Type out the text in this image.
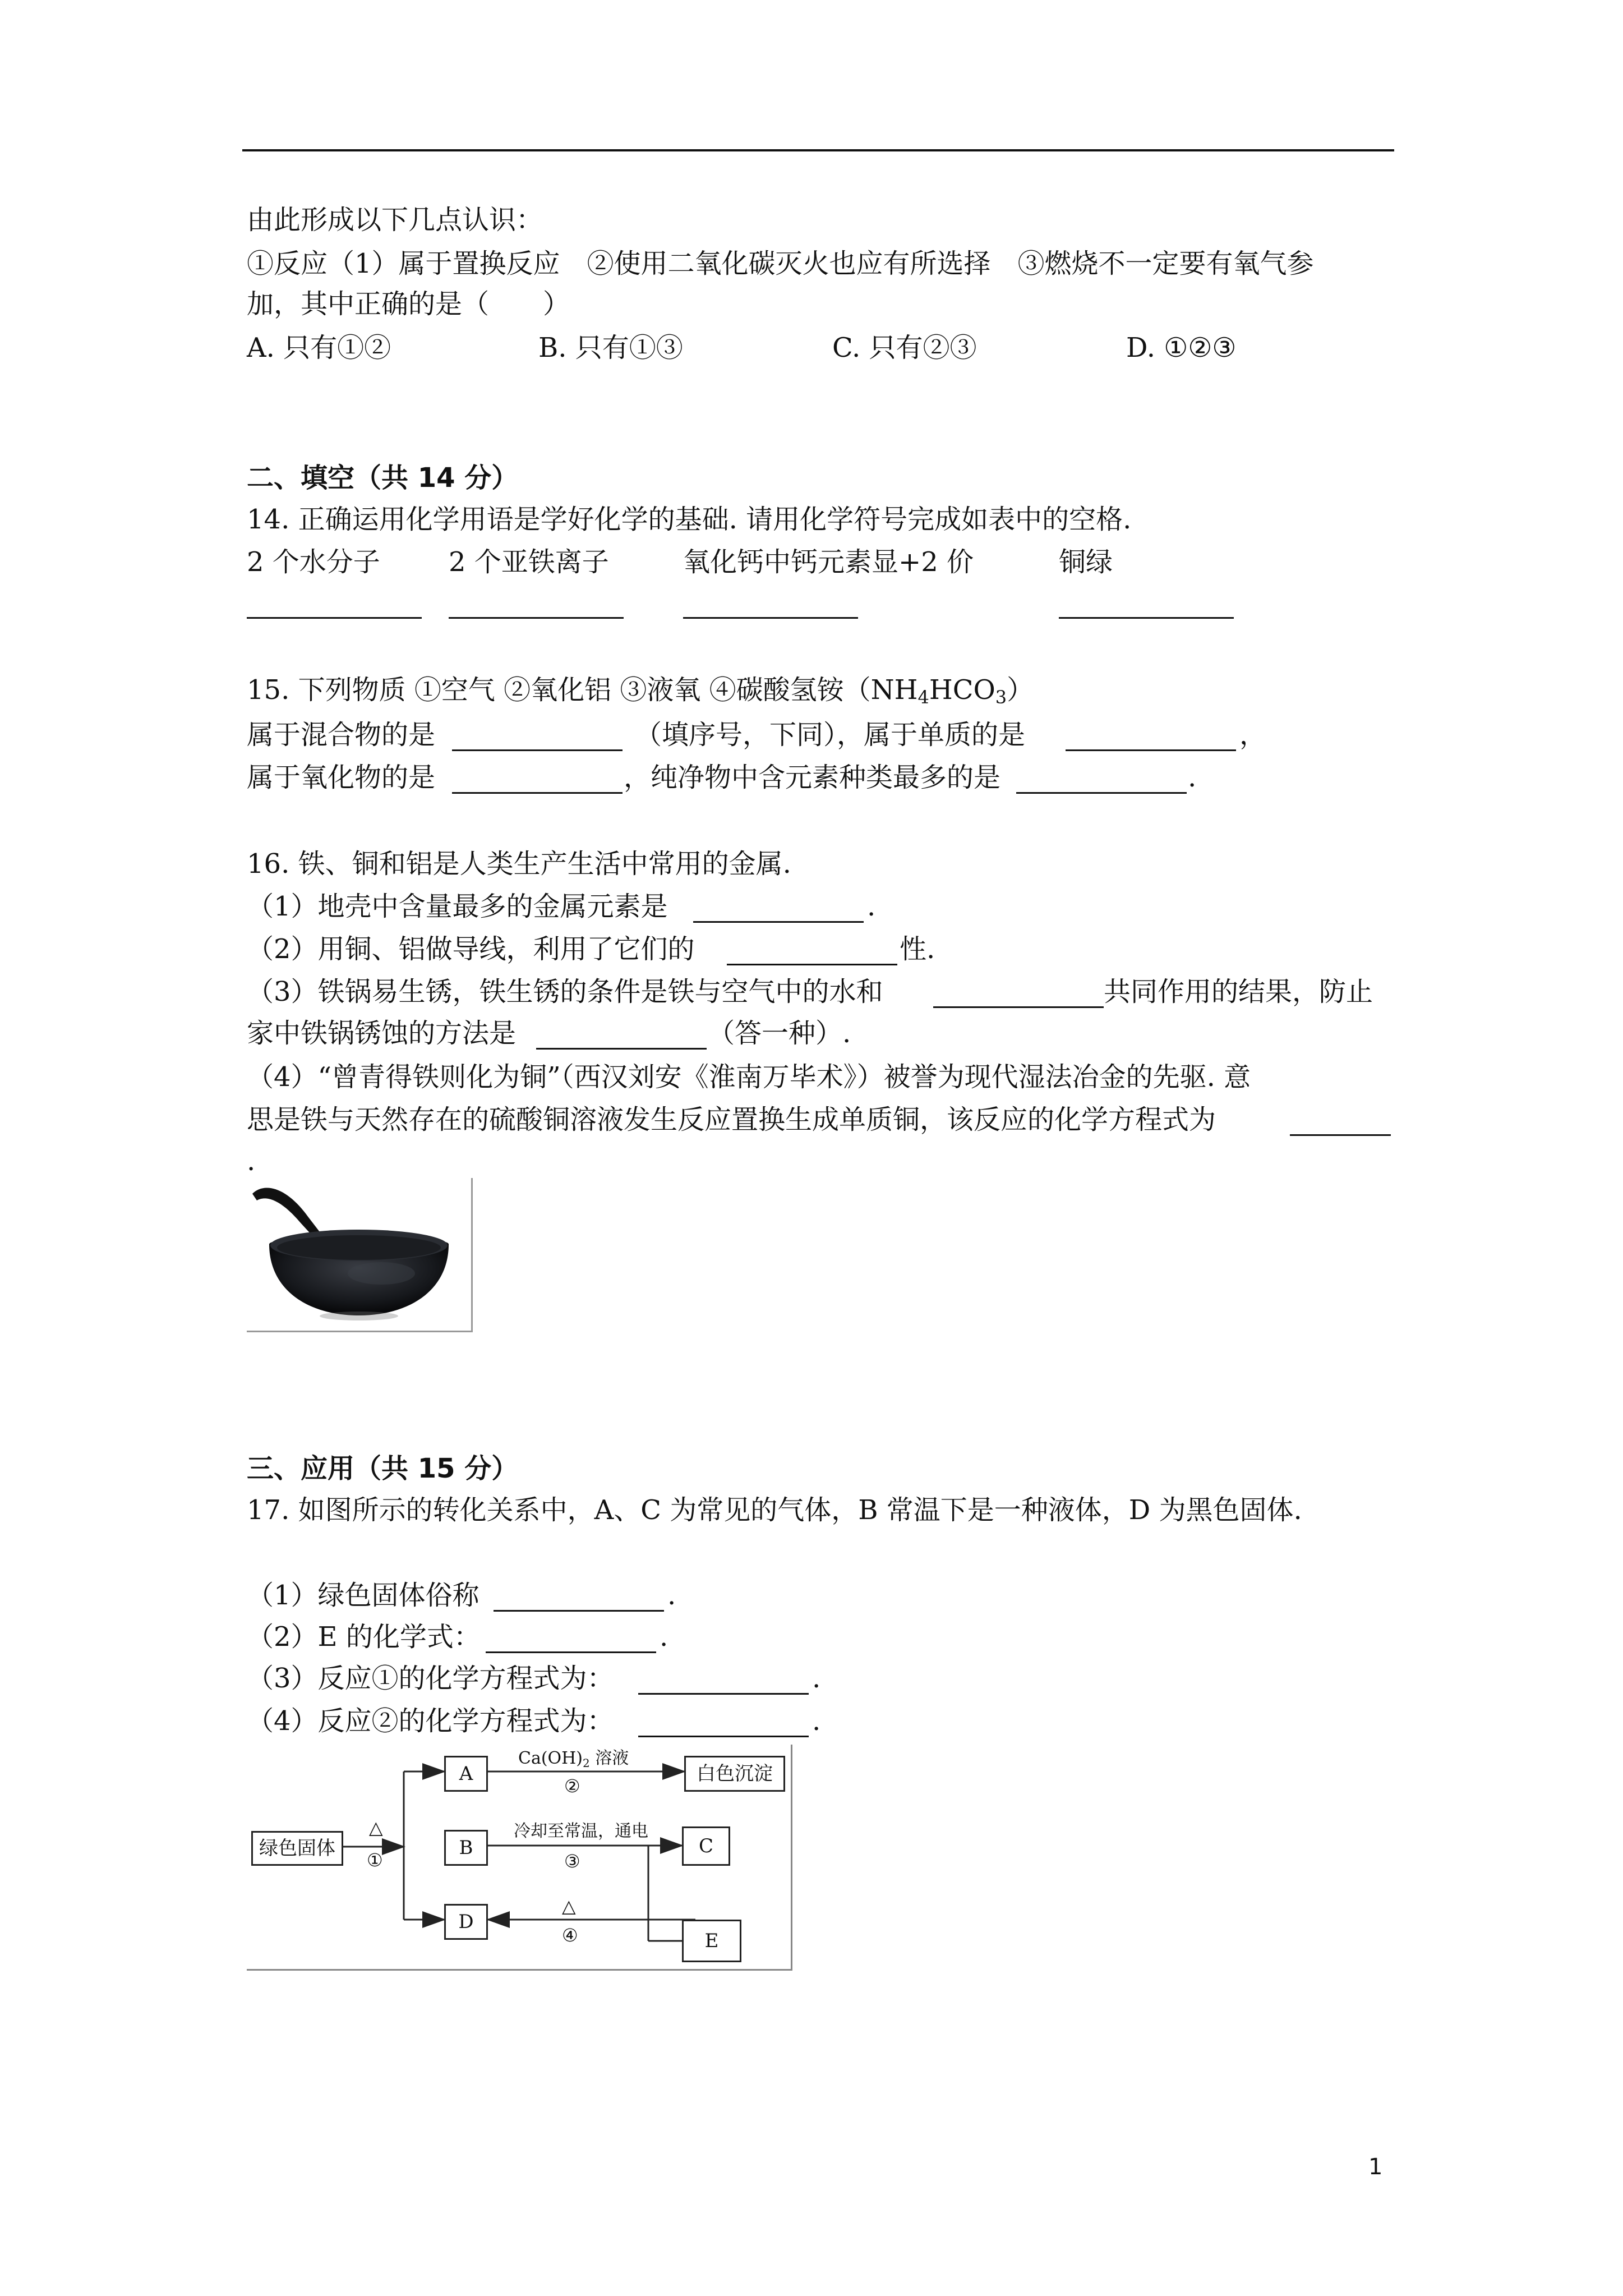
由此形成以下几点认识：
①反应（1）属于置换反应　②使用二氧化碳灭火也应有所选择　③燃烧不一定要有氧气参
加，其中正确的是（　　）
A. 只有①②	B. 只有①③	C. 只有②③	D. ①②③
二、填空（共 14 分）
14. 正确运用化学用语是学好化学的基础. 请用化学符号完成如表中的空格.
2 个水分子	2 个亚铁离子	氧化钙中钙元素显+2 价	铜绿
15. 下列物质 ①空气 ②氧化铝 ③液氧 ④碳酸氢铵$(NH_4HCO_3)$
属于混合物的是	（填序号，下同），属于单质的是	，
属于氧化物的是	，纯净物中含元素种类最多的是	.
16. 铁、铜和铝是人类生产生活中常用的金属.
（1）地壳中含量最多的金属元素是	.
（2）用铜、铝做导线，利用了它们的	性.
（3）铁锅易生锈，铁生锈的条件是铁与空气中的水和	共同作用的结果，防止
家中铁锅锈蚀的方法是	（答一种）.
（4）“曾青得铁则化为铜”（西汉刘安《淮南万毕术》）被誉为现代湿法冶金的先驱. 意
思是铁与天然存在的硫酸铜溶液发生反应置换生成单质铜，该反应的化学方程式为
.
三、应用（共 15 分）
17. 如图所示的转化关系中，A、C 为常见的气体，B 常温下是一种液体，D 为黑色固体.
（1）绿色固体俗称	.
（2）E 的化学式：	.
（3）反应①的化学方程式为：	.
（4）反应②的化学方程式为：	.
绿色固体
A
B
D
白色沉淀
C
E
△
①
$Ca(OH)_2$ 溶液
②
冷却至常温，通电
③
△
④
1
